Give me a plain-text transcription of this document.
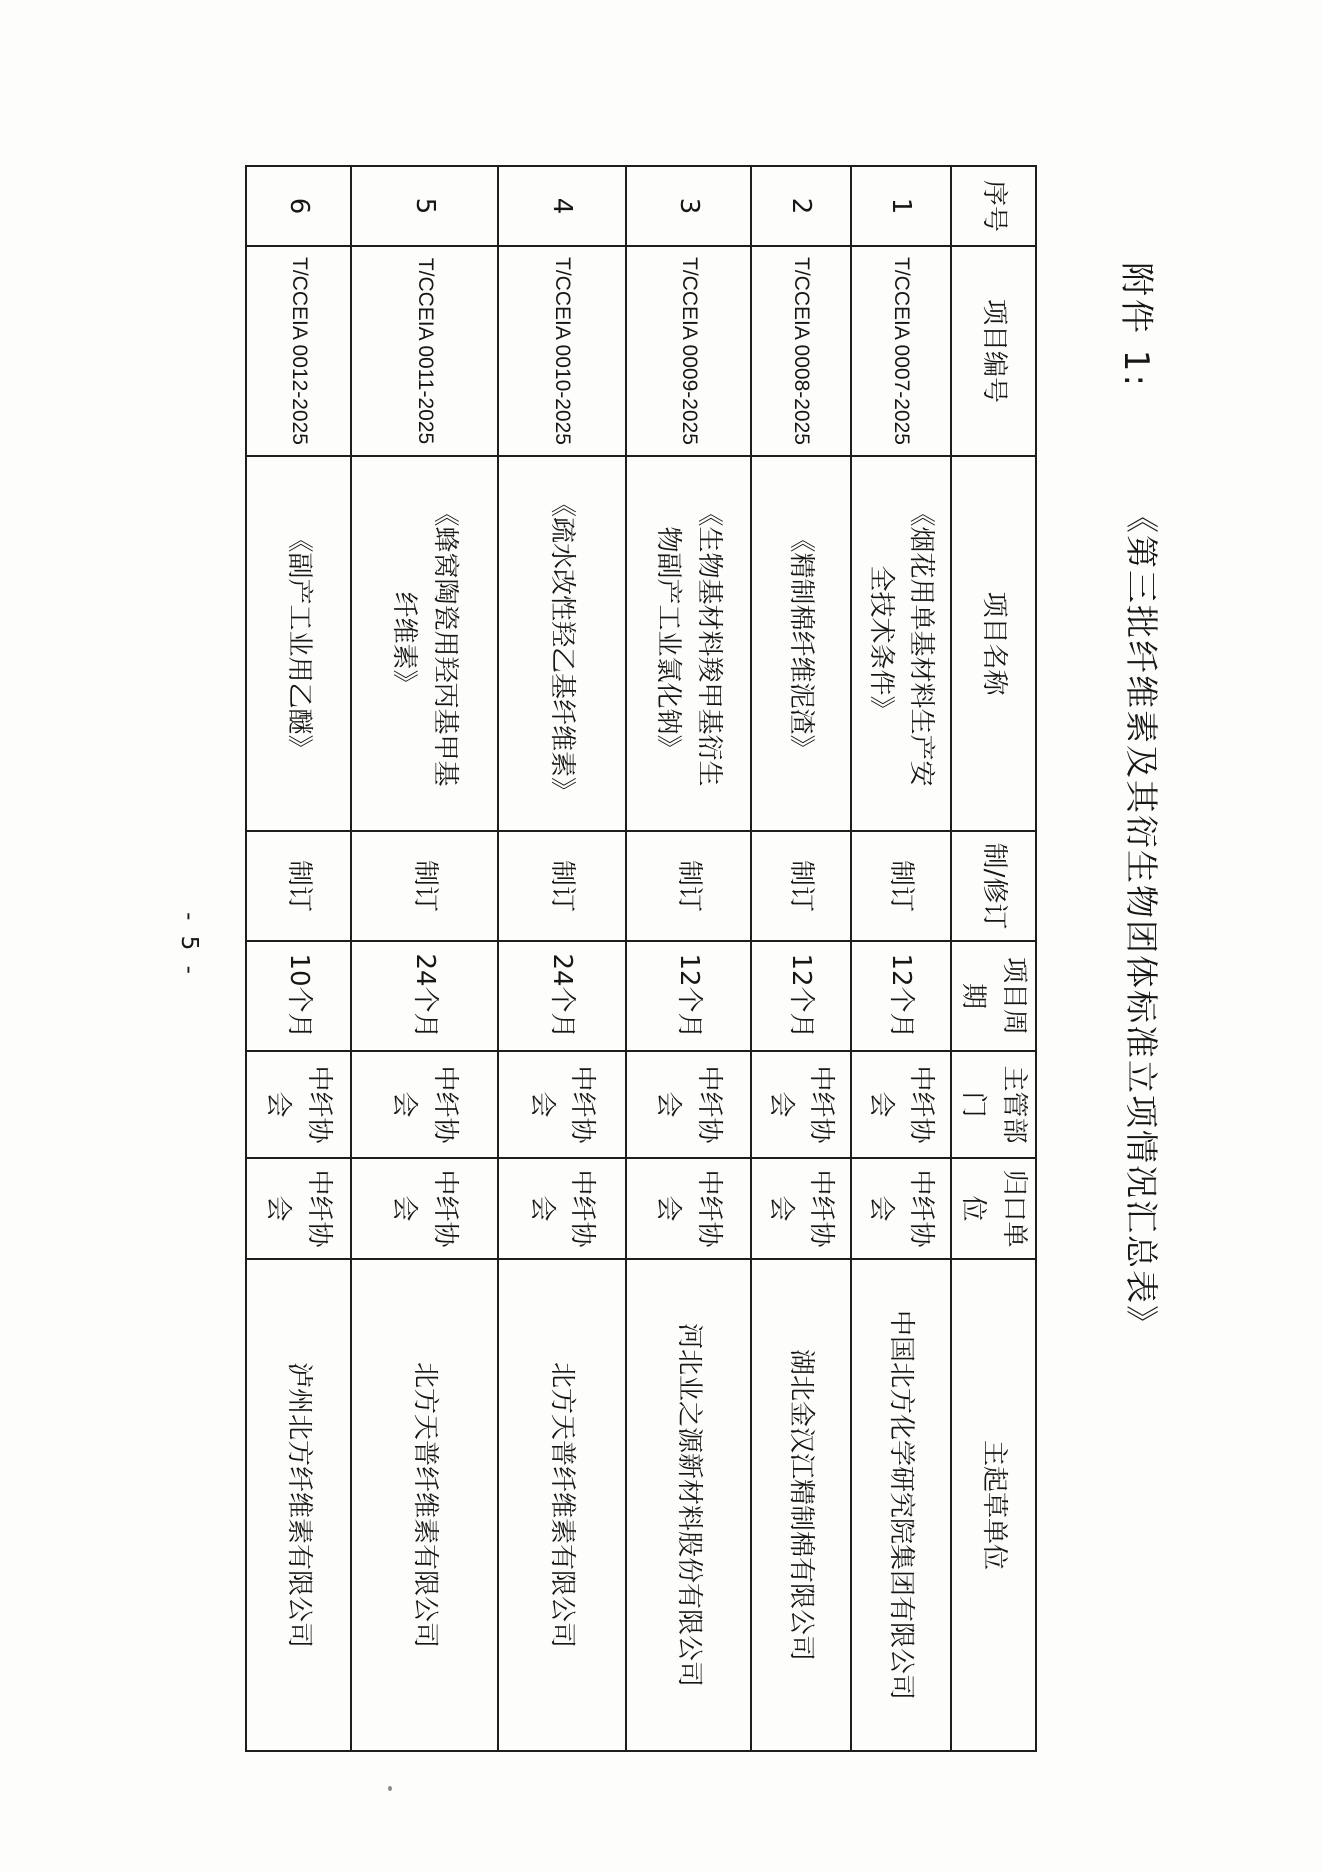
附件 1:
《第三批纤维素及其衍生物团体标准立项情况汇总表》
序号	项目编号	项目名称	制/修订	项目周期	主管部门	归口单位	主起草单位
1	T/CCEIA 0007-2025	《烟花用单基材料生产安全技术条件》	制订	12个月	中纤协会	中纤协会	中国北方化学研究院集团有限公司
2	T/CCEIA 0008-2025	《精制棉纤维泥渣》	制订	12个月	中纤协会	中纤协会	湖北金汉江精制棉有限公司
3	T/CCEIA 0009-2025	《生物基材料羧甲基衍生物副产工业氯化钠》	制订	12个月	中纤协会	中纤协会	河北业之源新材料股份有限公司
4	T/CCEIA 0010-2025	《疏水改性羟乙基纤维素》	制订	24个月	中纤协会	中纤协会	北方天普纤维素有限公司
5	T/CCEIA 0011-2025	《蜂窝陶瓷用羟丙基甲基纤维素》	制订	24个月	中纤协会	中纤协会	北方天普纤维素有限公司
6	T/CCEIA 0012-2025	《副产工业用乙醚》	制订	10个月	中纤协会	中纤协会	泸州北方纤维素有限公司
- 5 -
